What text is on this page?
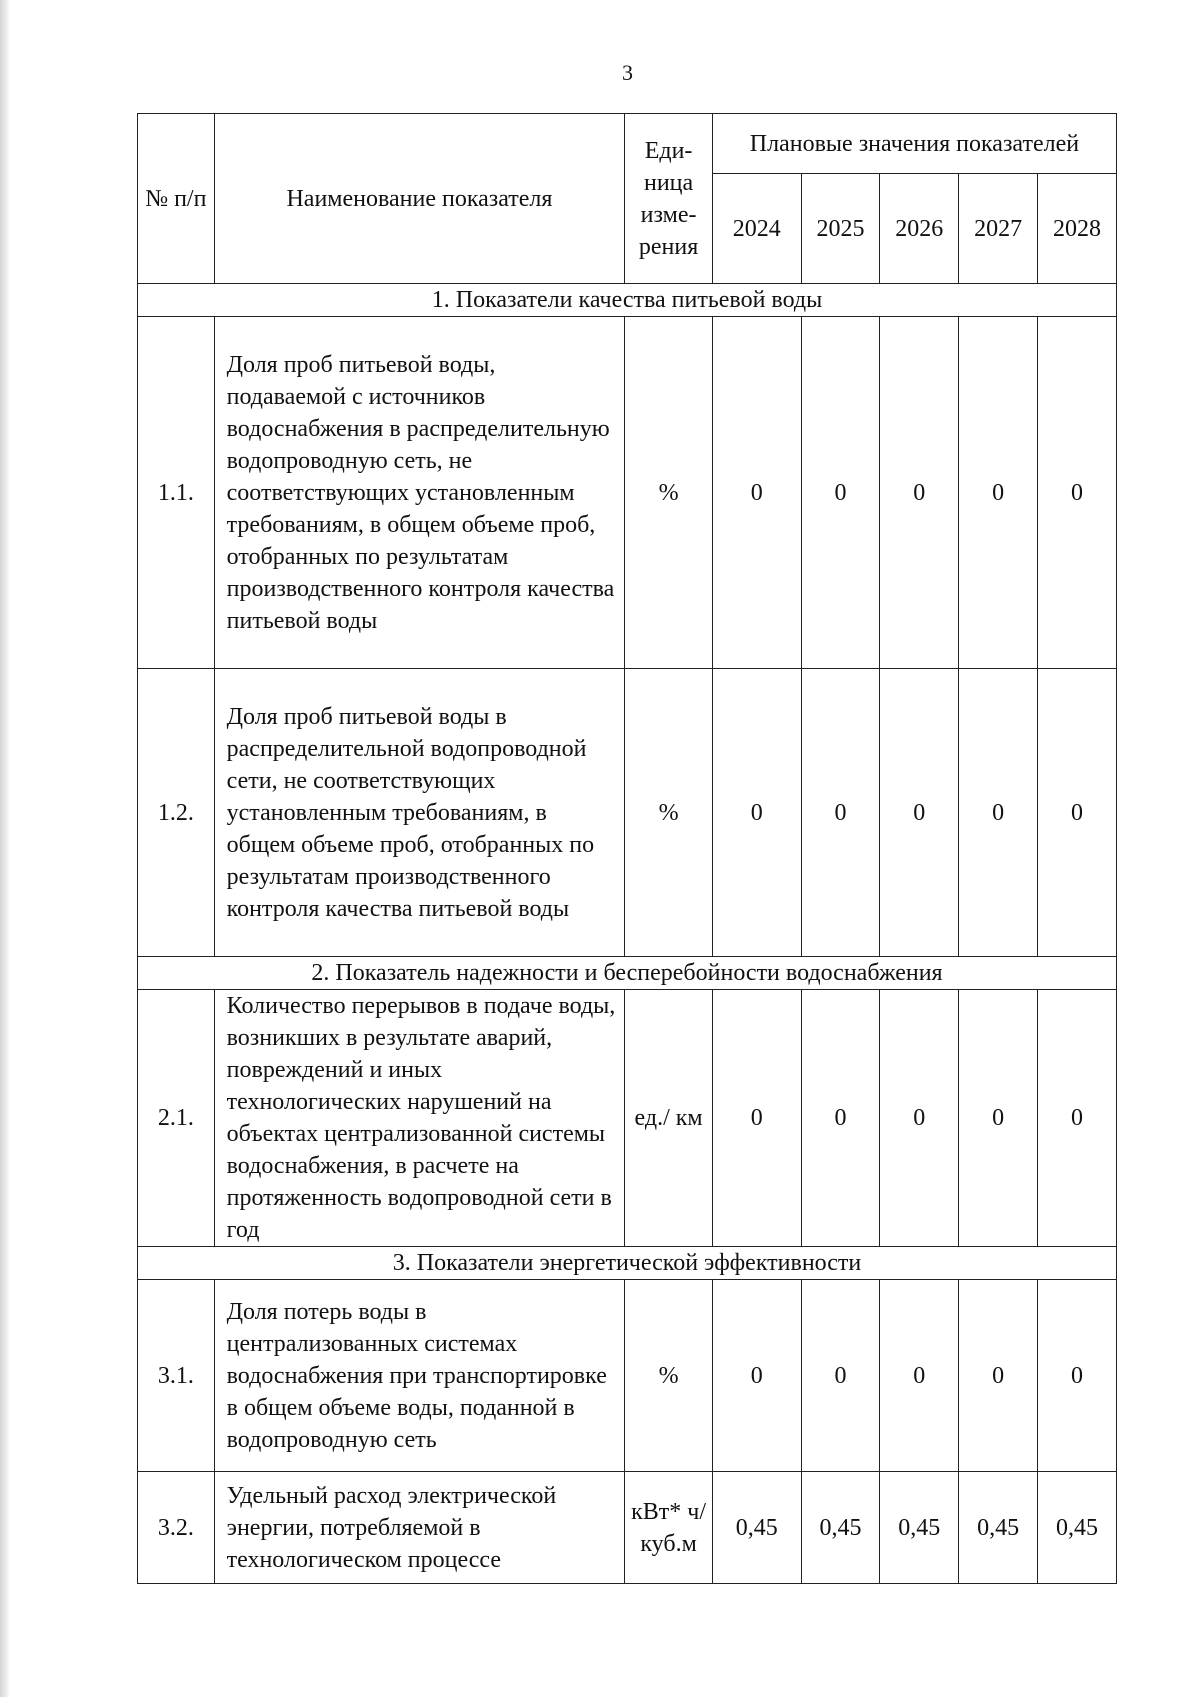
3
№ п/п	Наименование показателя	Еди-ница изме-рения	Плановые значения показателей				
			2024	2025	2026	2027	2028
1. Показатели качества питьевой воды							
1.1.	Доля проб питьевой воды, подаваемой с источников водоснабжения в распределительную водопроводную сеть, не соответствующих установленным требованиям, в общем объеме проб, отобранных по результатам производственного контроля качества питьевой воды	%	0	0	0	0	0
1.2.	Доля проб питьевой воды в распределительной водопроводной сети, не соответствующих установленным требованиям, в общем объеме проб, отобранных по результатам производственного контроля качества питьевой воды	%	0	0	0	0	0
2. Показатель надежности и бесперебойности водоснабжения							
2.1.	Количество перерывов в подаче воды, возникших в результате аварий, повреждений и иных технологических нарушений на объектах централизованной системы водоснабжения, в расчете на протяженность водопроводной сети в год	ед./ км	0	0	0	0	0
3. Показатели энергетической эффективности							
3.1.	Доля потерь воды в централизованных системах водоснабжения при транспортировке в общем объеме воды, поданной в водопроводную сеть	%	0	0	0	0	0
3.2.	Удельный расход электрической энергии, потребляемой в технологическом процессе	кВт* ч/ куб.м	0,45	0,45	0,45	0,45	0,45
